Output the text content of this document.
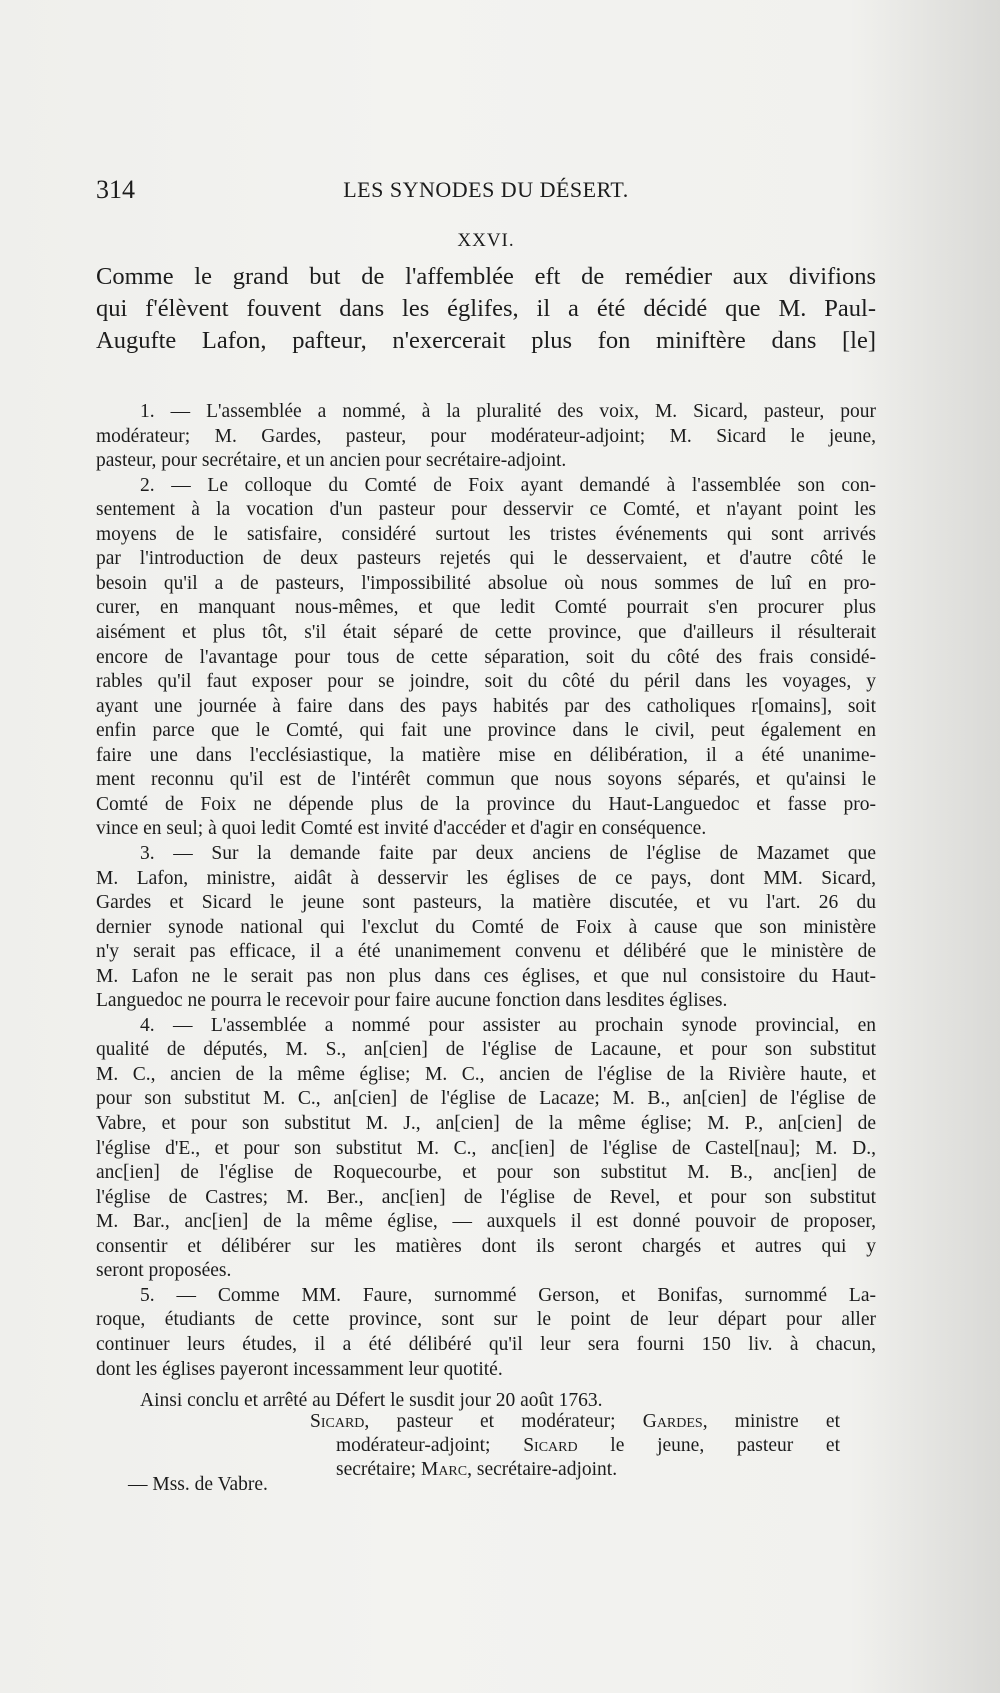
314	LES SYNODES DU DÉSERT.
XXVI.
Comme le grand but de l'affemblée eft de remédier aux divifions
qui f'élèvent fouvent dans les églifes, il a été décidé que M. Paul-
Augufte Lafon, pafteur, n'exercerait plus fon miniftère dans [le]
1. — L'assemblée a nommé, à la pluralité des voix, M. Sicard, pasteur, pour
modérateur; M. Gardes, pasteur, pour modérateur-adjoint; M. Sicard le jeune,
pasteur, pour secrétaire, et un ancien pour secrétaire-adjoint.
2. — Le colloque du Comté de Foix ayant demandé à l'assemblée son con-
sentement à la vocation d'un pasteur pour desservir ce Comté, et n'ayant point les
moyens de le satisfaire, considéré surtout les tristes événements qui sont arrivés
par l'introduction de deux pasteurs rejetés qui le desservaient, et d'autre côté le
besoin qu'il a de pasteurs, l'impossibilité absolue où nous sommes de luî en pro-
curer, en manquant nous-mêmes, et que ledit Comté pourrait s'en procurer plus
aisément et plus tôt, s'il était séparé de cette province, que d'ailleurs il résulterait
encore de l'avantage pour tous de cette séparation, soit du côté des frais considé-
rables qu'il faut exposer pour se joindre, soit du côté du péril dans les voyages, y
ayant une journée à faire dans des pays habités par des catholiques r[omains], soit
enfin parce que le Comté, qui fait une province dans le civil, peut également en
faire une dans l'ecclésiastique, la matière mise en délibération, il a été unanime-
ment reconnu qu'il est de l'intérêt commun que nous soyons séparés, et qu'ainsi le
Comté de Foix ne dépende plus de la province du Haut-Languedoc et fasse pro-
vince en seul; à quoi ledit Comté est invité d'accéder et d'agir en conséquence.
3. — Sur la demande faite par deux anciens de l'église de Mazamet que
M. Lafon, ministre, aidât à desservir les églises de ce pays, dont MM. Sicard,
Gardes et Sicard le jeune sont pasteurs, la matière discutée, et vu l'art. 26 du
dernier synode national qui l'exclut du Comté de Foix à cause que son ministère
n'y serait pas efficace, il a été unanimement convenu et délibéré que le ministère de
M. Lafon ne le serait pas non plus dans ces églises, et que nul consistoire du Haut-
Languedoc ne pourra le recevoir pour faire aucune fonction dans lesdites églises.
4. — L'assemblée a nommé pour assister au prochain synode provincial, en
qualité de députés, M. S., an[cien] de l'église de Lacaune, et pour son substitut
M. C., ancien de la même église; M. C., ancien de l'église de la Rivière haute, et
pour son substitut M. C., an[cien] de l'église de Lacaze; M. B., an[cien] de l'église de
Vabre, et pour son substitut M. J., an[cien] de la même église; M. P., an[cien] de
l'église d'E., et pour son substitut M. C., anc[ien] de l'église de Castel[nau]; M. D.,
anc[ien] de l'église de Roquecourbe, et pour son substitut M. B., anc[ien] de
l'église de Castres; M. Ber., anc[ien] de l'église de Revel, et pour son substitut
M. Bar., anc[ien] de la même église, — auxquels il est donné pouvoir de proposer,
consentir et délibérer sur les matières dont ils seront chargés et autres qui y
seront proposées.
5. — Comme MM. Faure, surnommé Gerson, et Bonifas, surnommé La-
roque, étudiants de cette province, sont sur le point de leur départ pour aller
continuer leurs études, il a été délibéré qu'il leur sera fourni 150 liv. à chacun,
dont les églises payeront incessamment leur quotité.
Ainsi conclu et arrêté au Défert le susdit jour 20 août 1763.
Sicard, pasteur et modérateur; Gardes, ministre et
modérateur-adjoint; Sicard le jeune, pasteur et
secrétaire; Marc, secrétaire-adjoint.
— Mss. de Vabre.
